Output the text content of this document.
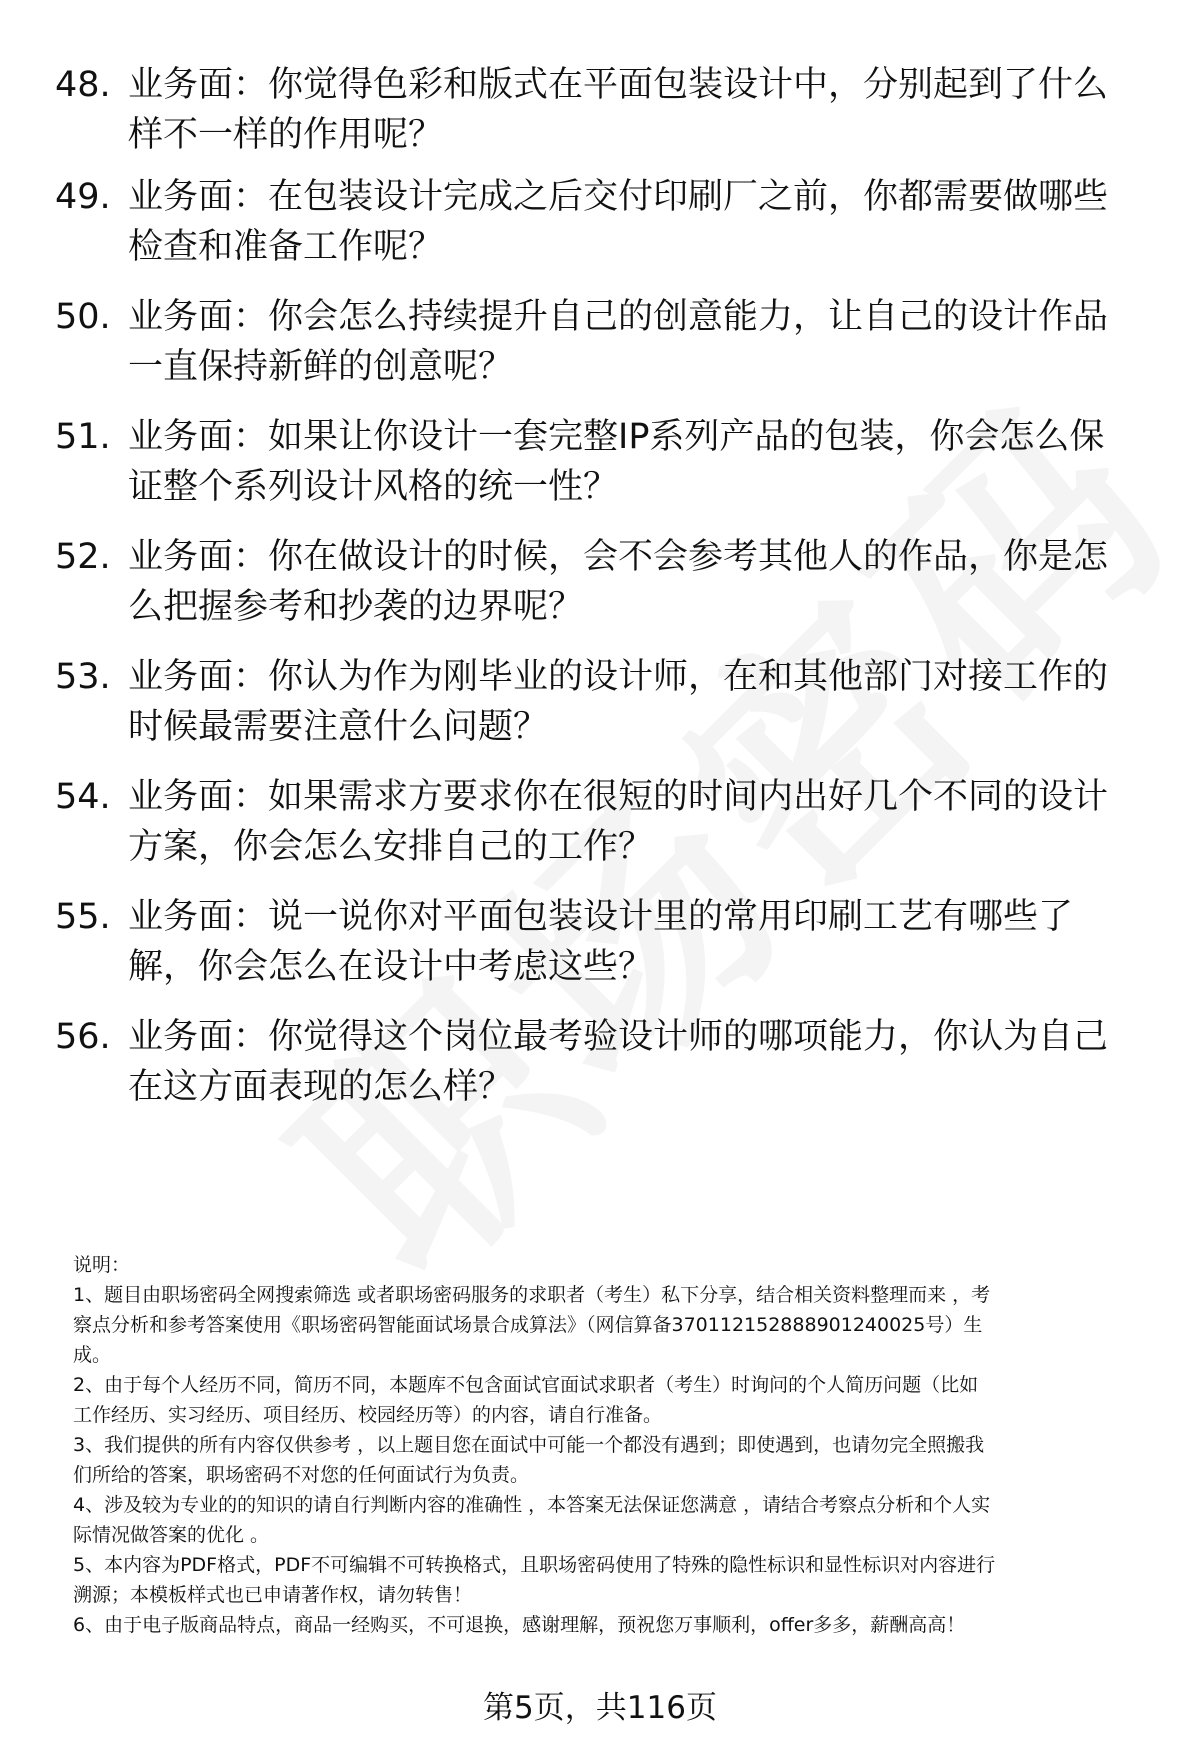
48. 业务面：你觉得色彩和版式在平面包装设计中，分别起到了什么
样不一样的作用呢？
49. 业务面：在包装设计完成之后交付印刷厂之前，你都需要做哪些
检查和准备工作呢？
50. 业务面：你会怎么持续提升自己的创意能力，让自己的设计作品
一直保持新鲜的创意呢？
51. 业务面：如果让你设计一套完整IP系列产品的包装，你会怎么保
证整个系列设计风格的统一性？
52. 业务面：你在做设计的时候，会不会参考其他人的作品，你是怎
么把握参考和抄袭的边界呢？
53. 业务面：你认为作为刚毕业的设计师，在和其他部门对接工作的
时候最需要注意什么问题？
54. 业务面：如果需求方要求你在很短的时间内出好几个不同的设计
方案，你会怎么安排自己的工作？
55. 业务面：说一说你对平面包装设计里的常用印刷工艺有哪些了
解，你会怎么在设计中考虑这些？
56. 业务面：你觉得这个岗位最考验设计师的哪项能力，你认为自己
在这方面表现的怎么样？
说明：
1、题目由职场密码全网搜索筛选 或者职场密码服务的求职者（考生）私下分享，结合相关资料整理而来 ，考
察点分析和参考答案使用《职场密码智能面试场景合成算法》（网信算备37011215288890124002​5号）生
成。
2、由于每个人经历不同，简历不同，本题库不包含面试官面试求职者（考生）时询问的个人简历问题（比如
工作经历、实习经历、项目经历、校园经历等）的内容，请自行准备。
3、我们提供的所有内容仅供参考 ，以上题目您在面试中可能一个都没有遇到；即使遇到，也请勿完全照搬我
们所给的答案，职场密码不对您的任何面试行为负责。
4、涉及较为专业的的知识的请自行判断内容的准确性 ，本答案无法保证您满意 ，请结合考察点分析和个人实
际情况做答案的优化 。
5、本内容为PDF格式，PDF不可编辑不可转换格式，且职场密码使用了特殊的隐性标识和显性标识对内容进行
溯源；本模板样式也已申请著作权，请勿转售！
6、由于电子版商品特点，商品一经购买，不可退换，感谢理解，预祝您万事顺利，offer多多，薪酬高高！
第5页，共116页
